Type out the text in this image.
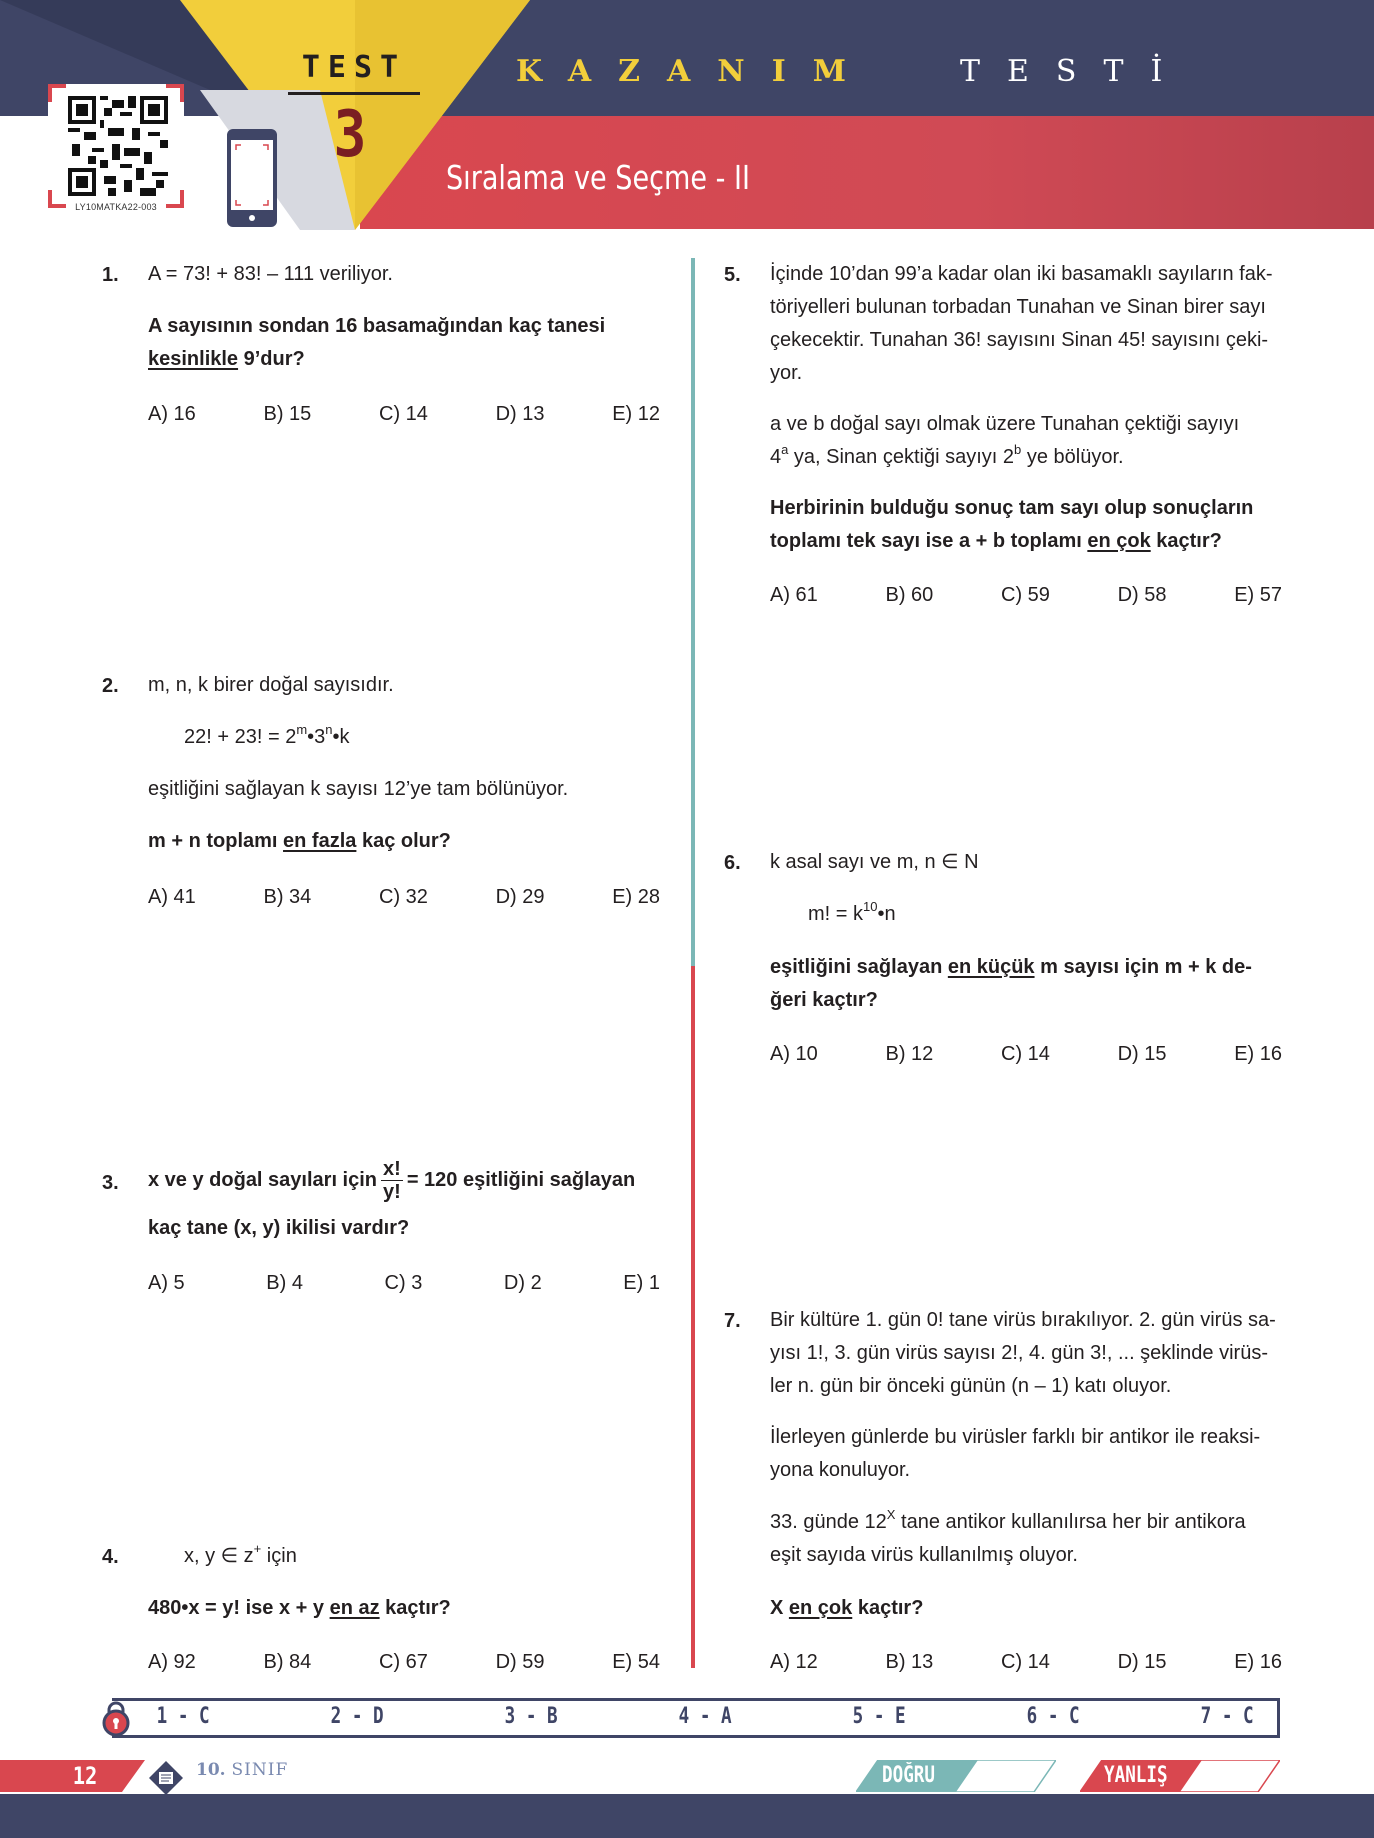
LY10MATKA22-003
TEST
3
KAZANIM	TESTİ
Sıralama ve Seçme - II
1. A = 73! + 83! – 111 veriliyor.
A sayısının sondan 16 basamağından kaç tanesi kesinlikle 9’dur?
A) 16	B) 15	C) 14	D) 13	E) 12
2. m, n, k birer doğal sayısıdır.
22! + 23! = $2^m•3^n•k$
eşitliğini sağlayan k sayısı 12’ye tam bölünüyor.
m + n toplamı en fazla kaç olur?
A) 41	B) 34	C) 32	D) 29	E) 28
3. x ve y doğal sayıları için $\frac{x!}{y!} = 120$ eşitliğini sağlayan
kaç tane (x, y) ikilisi vardır?
A) 5	B) 4	C) 3	D) 2	E) 1
4.	x, y ∈ z+ için
480•x = y! ise x + y en az kaçtır?
A) 92	B) 84	C) 67	D) 59	E) 54
5. İçinde 10’dan 99’a kadar olan iki basamaklı sayıların fak-
töriyelleri bulunan torbadan Tunahan ve Sinan birer sayı
çekecektir. Tunahan 36! sayısını Sinan 45! sayısını çeki-
yor.
a ve b doğal sayı olmak üzere Tunahan çektiği sayıyı
4$^a$ ya, Sinan çektiği sayıyı 2$^b$ ye bölüyor.
Herbirinin bulduğu sonuç tam sayı olup sonuçların
toplamı tek sayı ise a + b toplamı en çok kaçtır?
A) 61	B) 60	C) 59	D) 58	E) 57
6. k asal sayı ve m, n ∈ N
m! = $k^{10}•n$
eşitliğini sağlayan en küçük m sayısı için m + k de-
ğeri kaçtır?
A) 10	B) 12	C) 14	D) 15	E) 16
7. Bir kültüre 1. gün 0! tane virüs bırakılıyor. 2. gün virüs sa-
yısı 1!, 3. gün virüs sayısı 2!, 4. gün 3!, ... şeklinde virüs-
ler n. gün bir önceki günün (n – 1) katı oluyor.
İlerleyen günlerde bu virüsler farklı bir antikor ile reaksi-
yona konuluyor.
33. günde $12^X$ tane antikor kullanılırsa her bir antikora
eşit sayıda virüs kullanılmış oluyor.
X en çok kaçtır?
A) 12	B) 13	C) 14	D) 15	E) 16
1 - C	2 - D	3 - B	4 - A	5 - E	6 - C	7 - C
12	10. SINIF	DOĞRU	YANLIŞ
